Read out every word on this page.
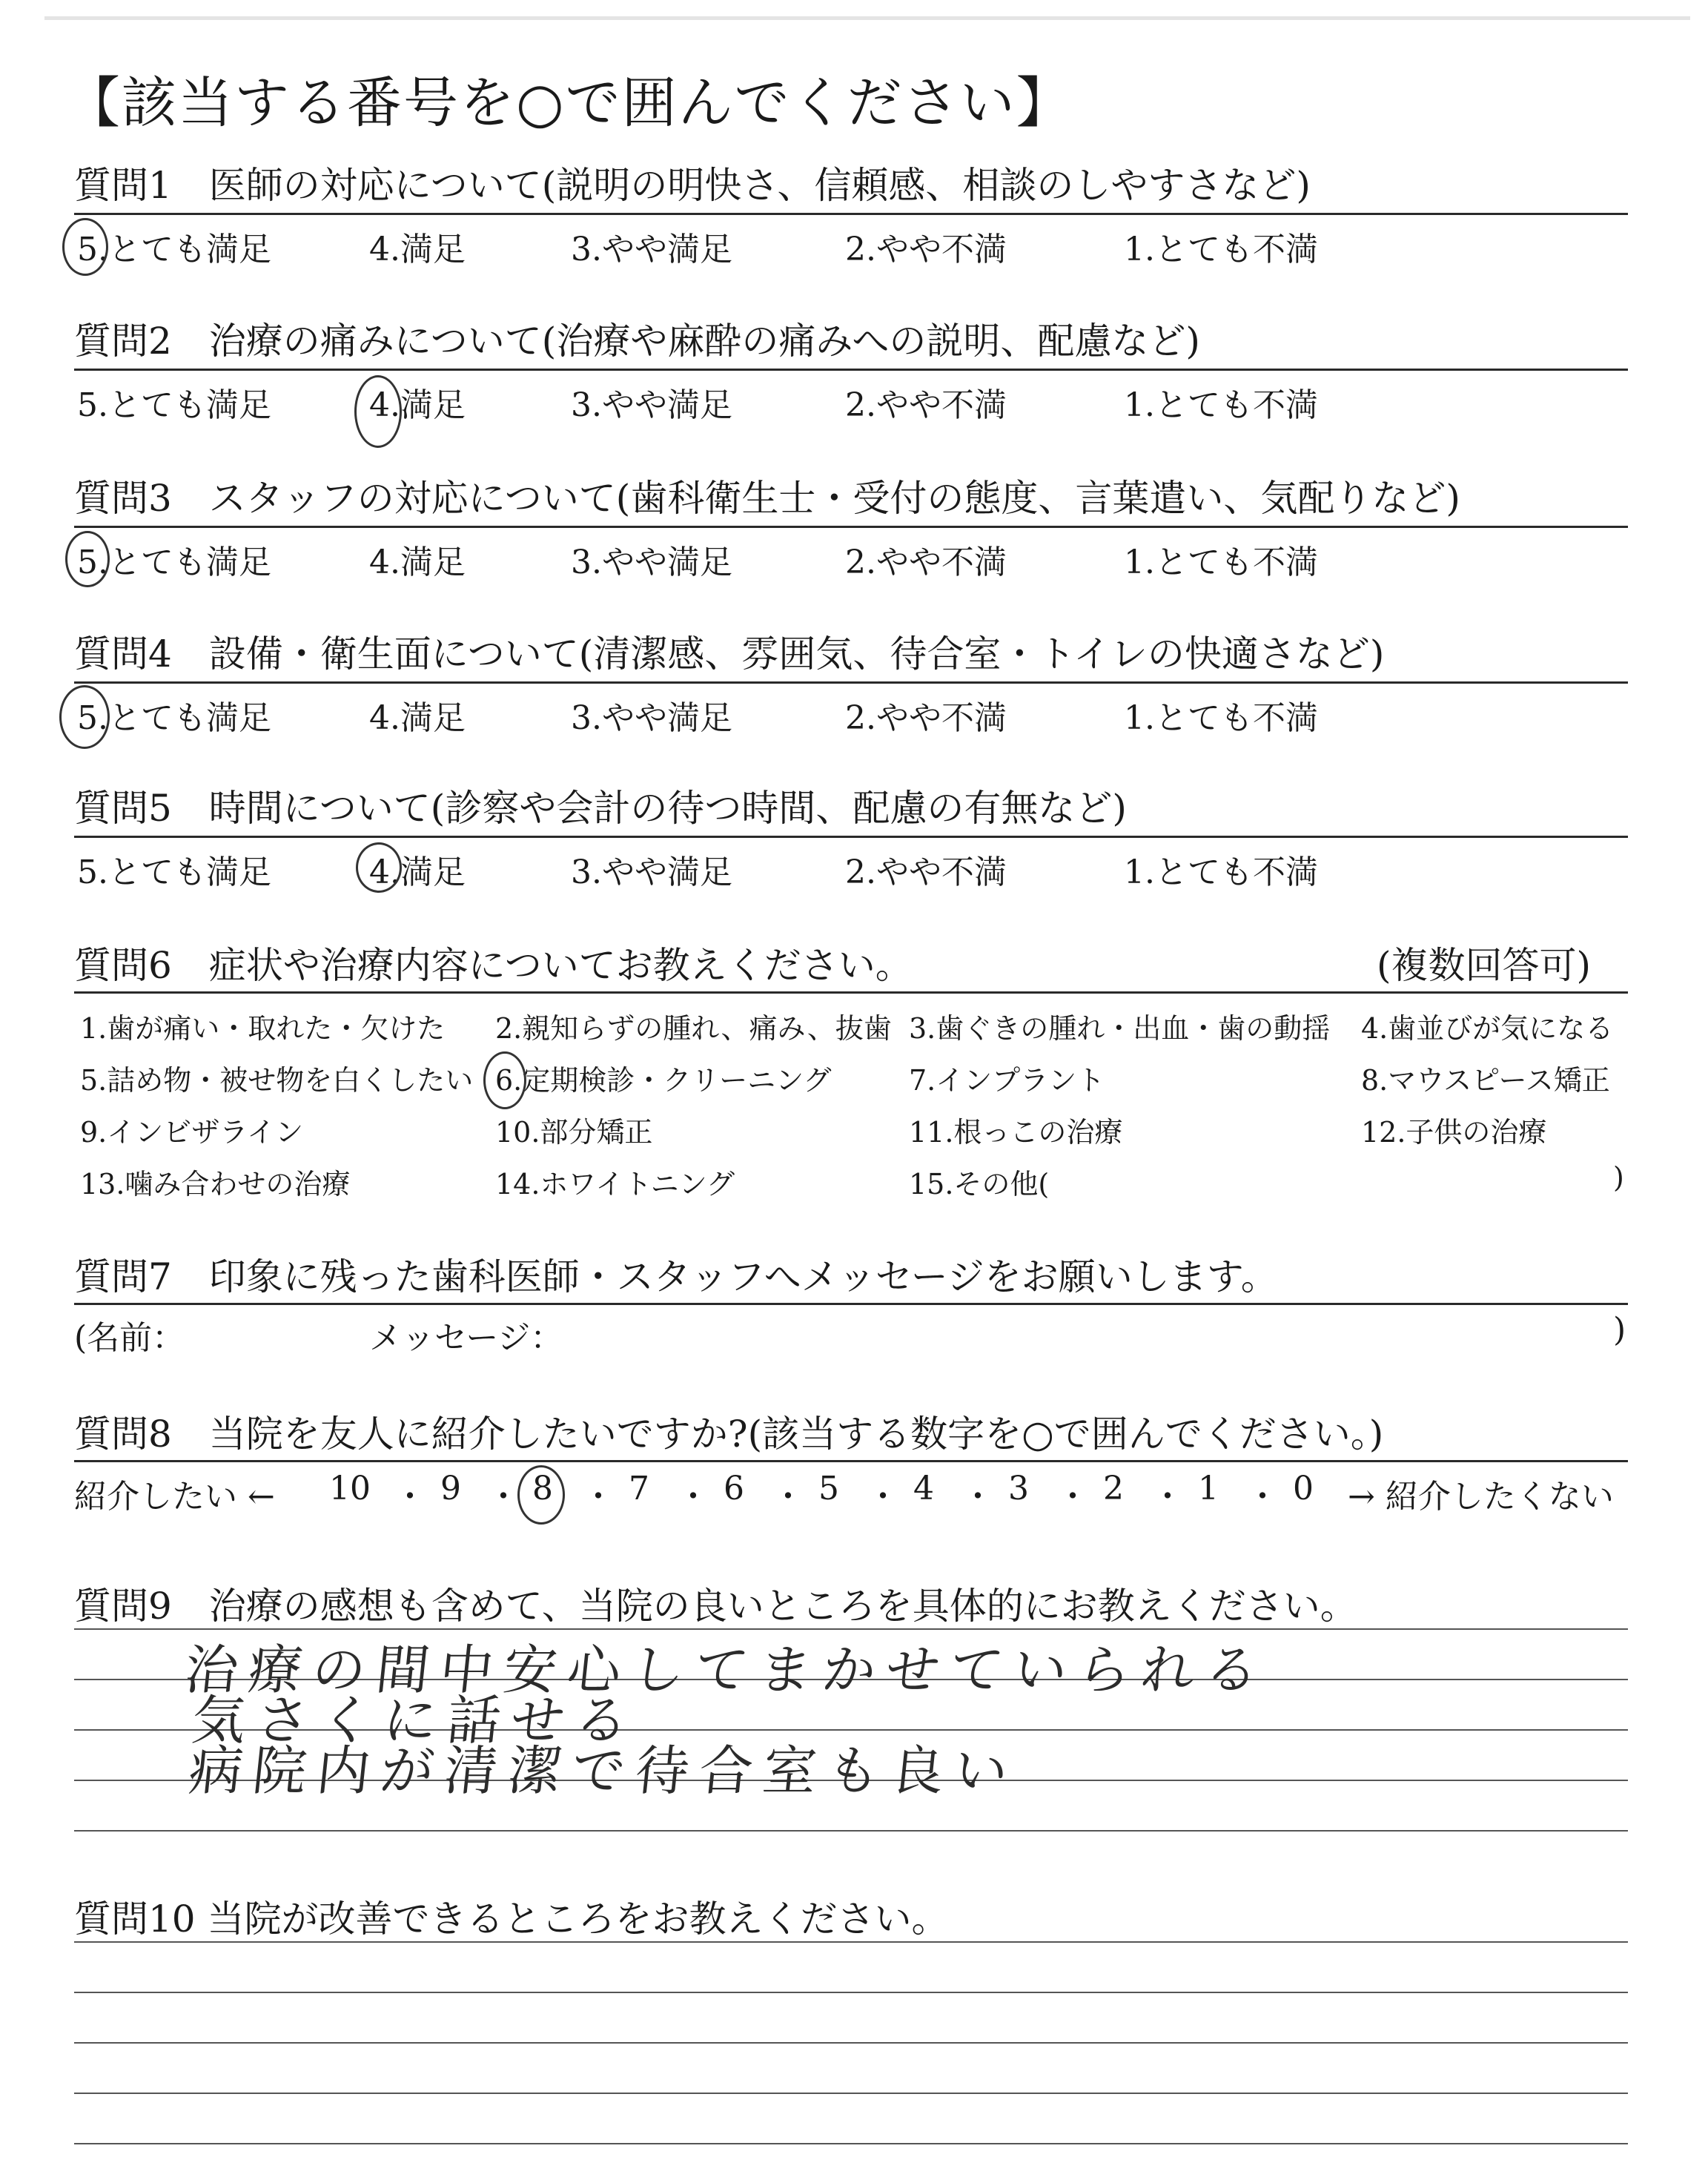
【該当する番号を○で囲んでください】
質問1　医師の対応について(説明の明快さ、信頼感、相談のしやすさなど)
5.とても満足	4.満足	3.やや満足	2.やや不満	1.とても不満
質問2　治療の痛みについて(治療や麻酔の痛みへの説明、配慮など)
5.とても満足	4.満足	3.やや満足	2.やや不満	1.とても不満
質問3　スタッフの対応について(歯科衛生士・受付の態度、言葉遣い、気配りなど)
5.とても満足	4.満足	3.やや満足	2.やや不満	1.とても不満
質問4　設備・衛生面について(清潔感、雰囲気、待合室・トイレの快適さなど)
5.とても満足	4.満足	3.やや満足	2.やや不満	1.とても不満
質問5　時間について(診察や会計の待つ時間、配慮の有無など)
5.とても満足	4.満足	3.やや満足	2.やや不満	1.とても不満
質問6　症状や治療内容についてお教えください。	(複数回答可)
1.歯が痛い・取れた・欠けた 2.親知らずの腫れ、痛み、抜歯 3.歯ぐきの腫れ・出血・歯の動揺 4.歯並びが気になる
5.詰め物・被せ物を白くしたい 6.定期検診・クリーニング	7.インプラント	8.マウスピース矯正
9.インビザライン	10.部分矯正	11.根っこの治療	12.子供の治療
13.噛み合わせの治療	14.ホワイトニング	15.その他(	)
質問7　印象に残った歯科医師・スタッフへメッセージをお願いします。
(名前：	メッセージ：	)
質問8　当院を友人に紹介したいですか?(該当する数字を○で囲んでください。)
紹介したい ← 10 ・ 9 ・ 8 ・ 7 ・ 6 ・ 5 ・ 4 ・ 3 ・ 2 ・ 1 ・ 0 → 紹介したくない
質問9　治療の感想も含めて、当院の良いところを具体的にお教えください。
治療の間中安心してまかせていられる
気さくに話せる
病院内が清潔で待合室も良い
質問10 当院が改善できるところをお教えください。
